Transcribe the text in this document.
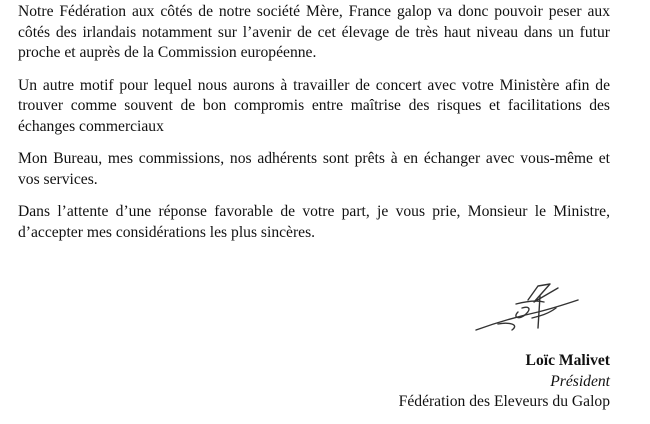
Notre Fédération aux côtés de notre société Mère, France galop va donc pouvoir peser aux côtés des irlandais notamment sur l’avenir de cet élevage de très haut niveau dans un futur proche et auprès de la Commission européenne.

Un autre motif pour lequel nous aurons à travailler de concert avec votre Ministère afin de trouver comme souvent de bon compromis entre maîtrise des risques et facilitations des échanges commerciaux

Mon Bureau, mes commissions, nos adhérents sont prêts à en échanger avec vous-même et vos services.

Dans l’attente d’une réponse favorable de votre part, je vous prie, Monsieur le Ministre, d’accepter mes considérations les plus sincères.

Loïc Malivet
Président
Fédération des Eleveurs du Galop
